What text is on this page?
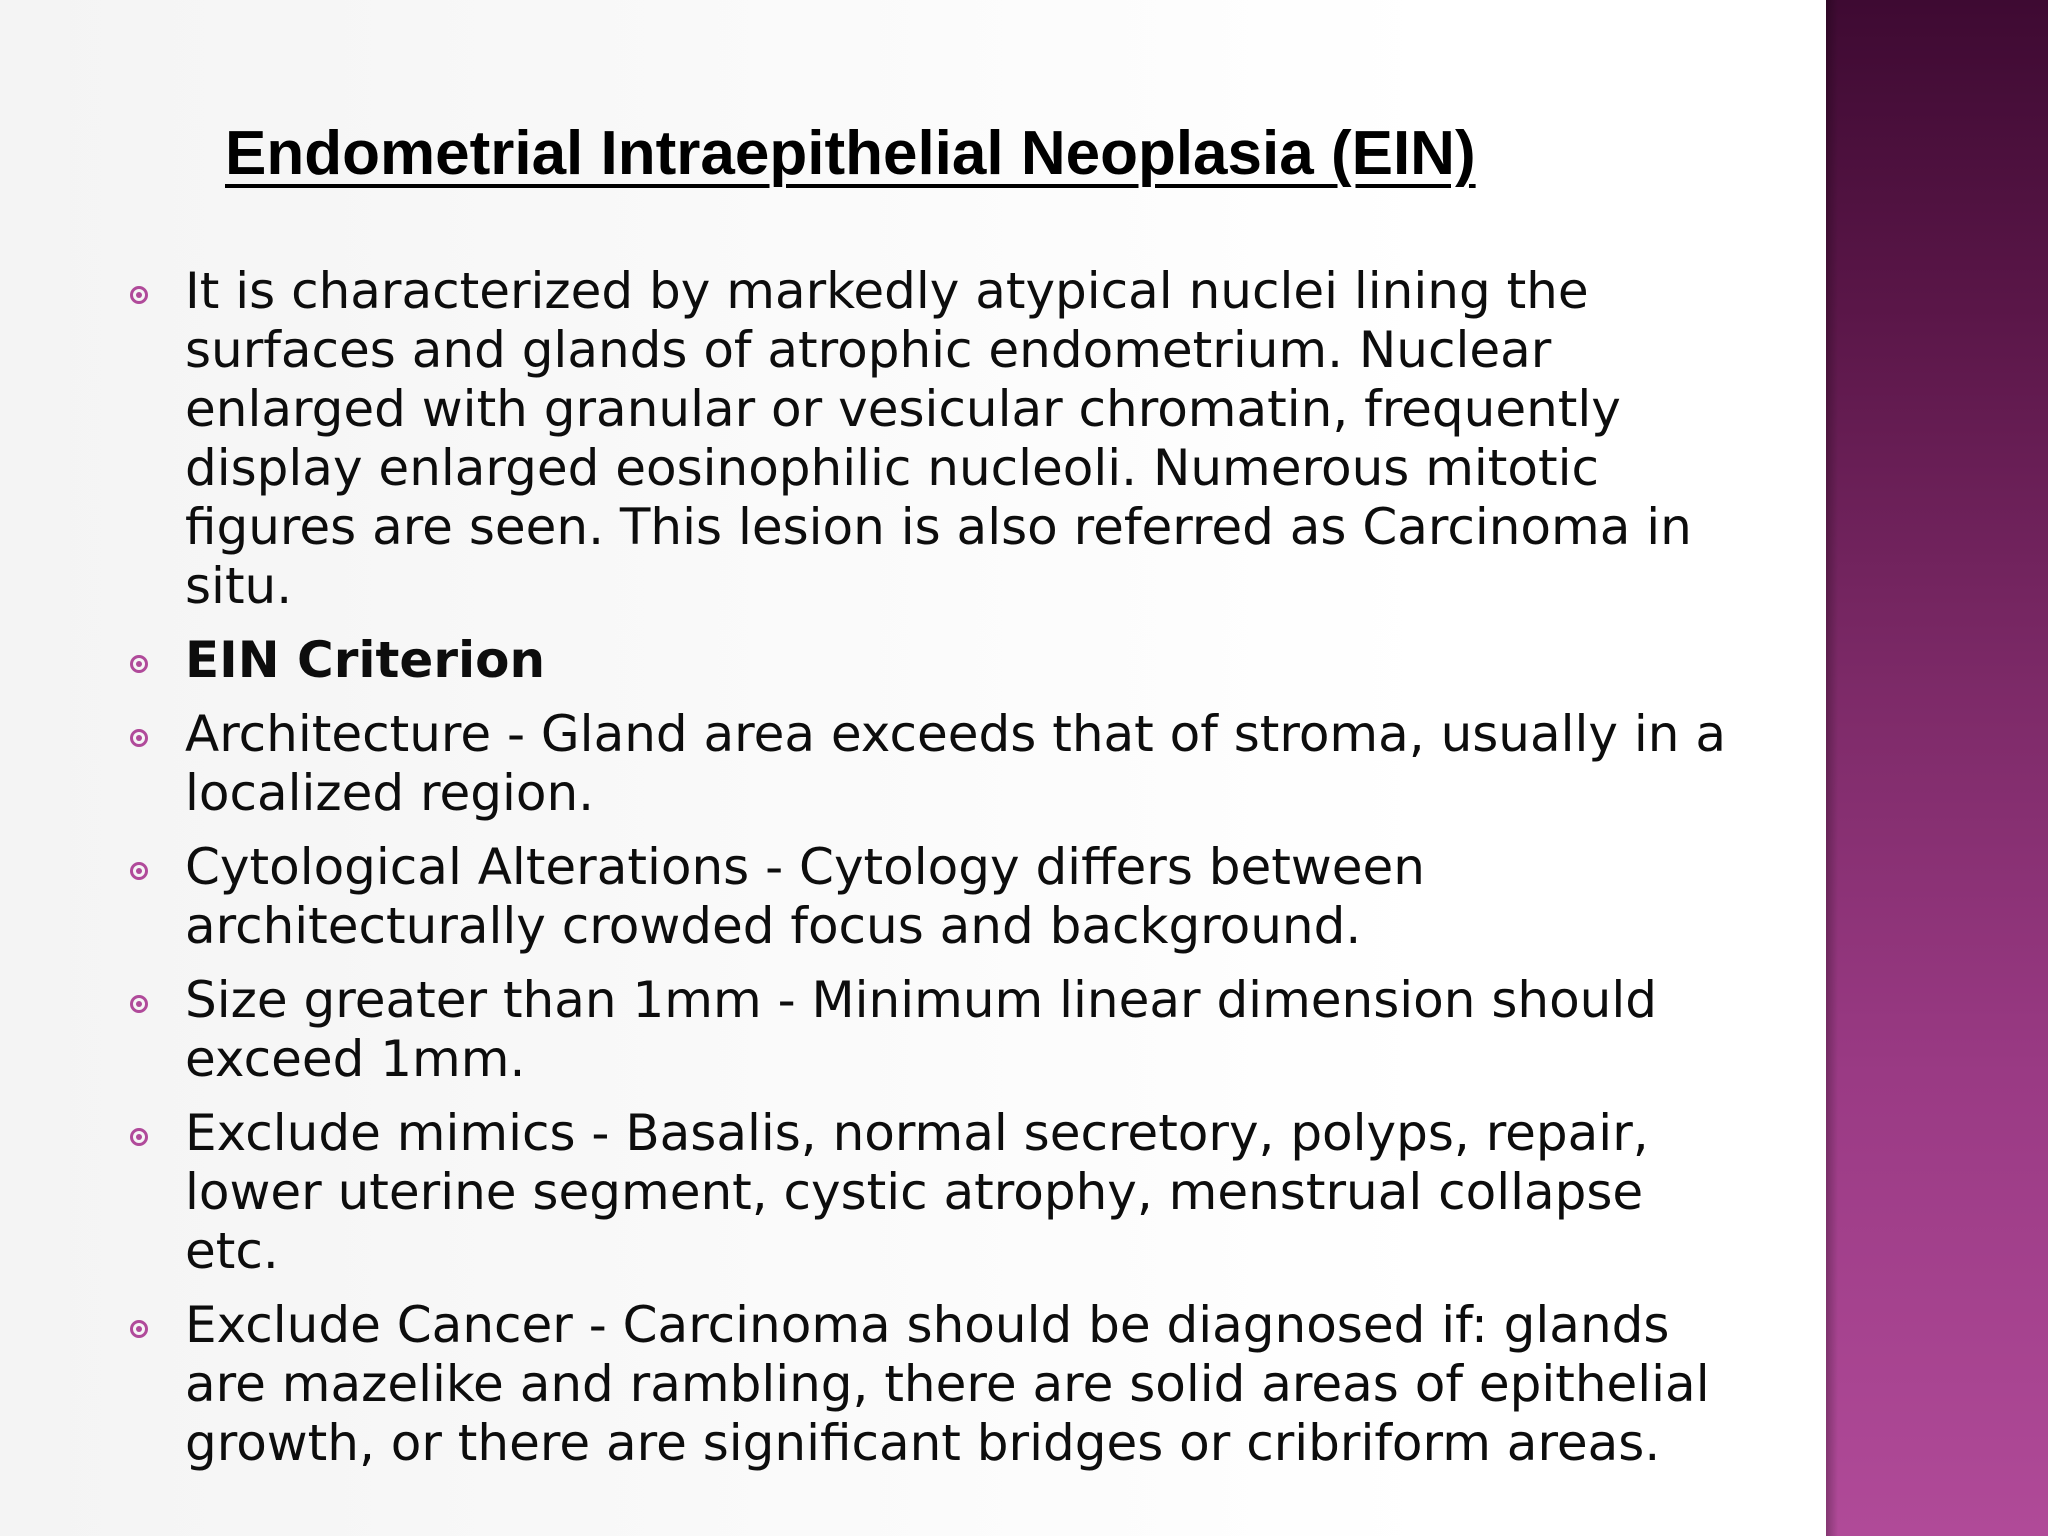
Endometrial Intraepithelial Neoplasia (EIN)
It is characterized by markedly atypical nuclei lining the surfaces and glands of atrophic endometrium. Nuclear enlarged with granular or vesicular chromatin, frequently display enlarged eosinophilic nucleoli. Numerous mitotic figures are seen. This lesion is also referred as Carcinoma in situ.
EIN Criterion
Architecture - Gland area exceeds that of stroma, usually in a localized region.
Cytological Alterations - Cytology differs between architecturally crowded focus and background.
Size greater than 1mm - Minimum linear dimension should exceed 1mm.
Exclude mimics - Basalis, normal secretory, polyps, repair, lower uterine segment, cystic atrophy, menstrual collapse etc.
Exclude Cancer - Carcinoma should be diagnosed if: glands are mazelike and rambling, there are solid areas of epithelial growth, or there are significant bridges or cribriform areas.
